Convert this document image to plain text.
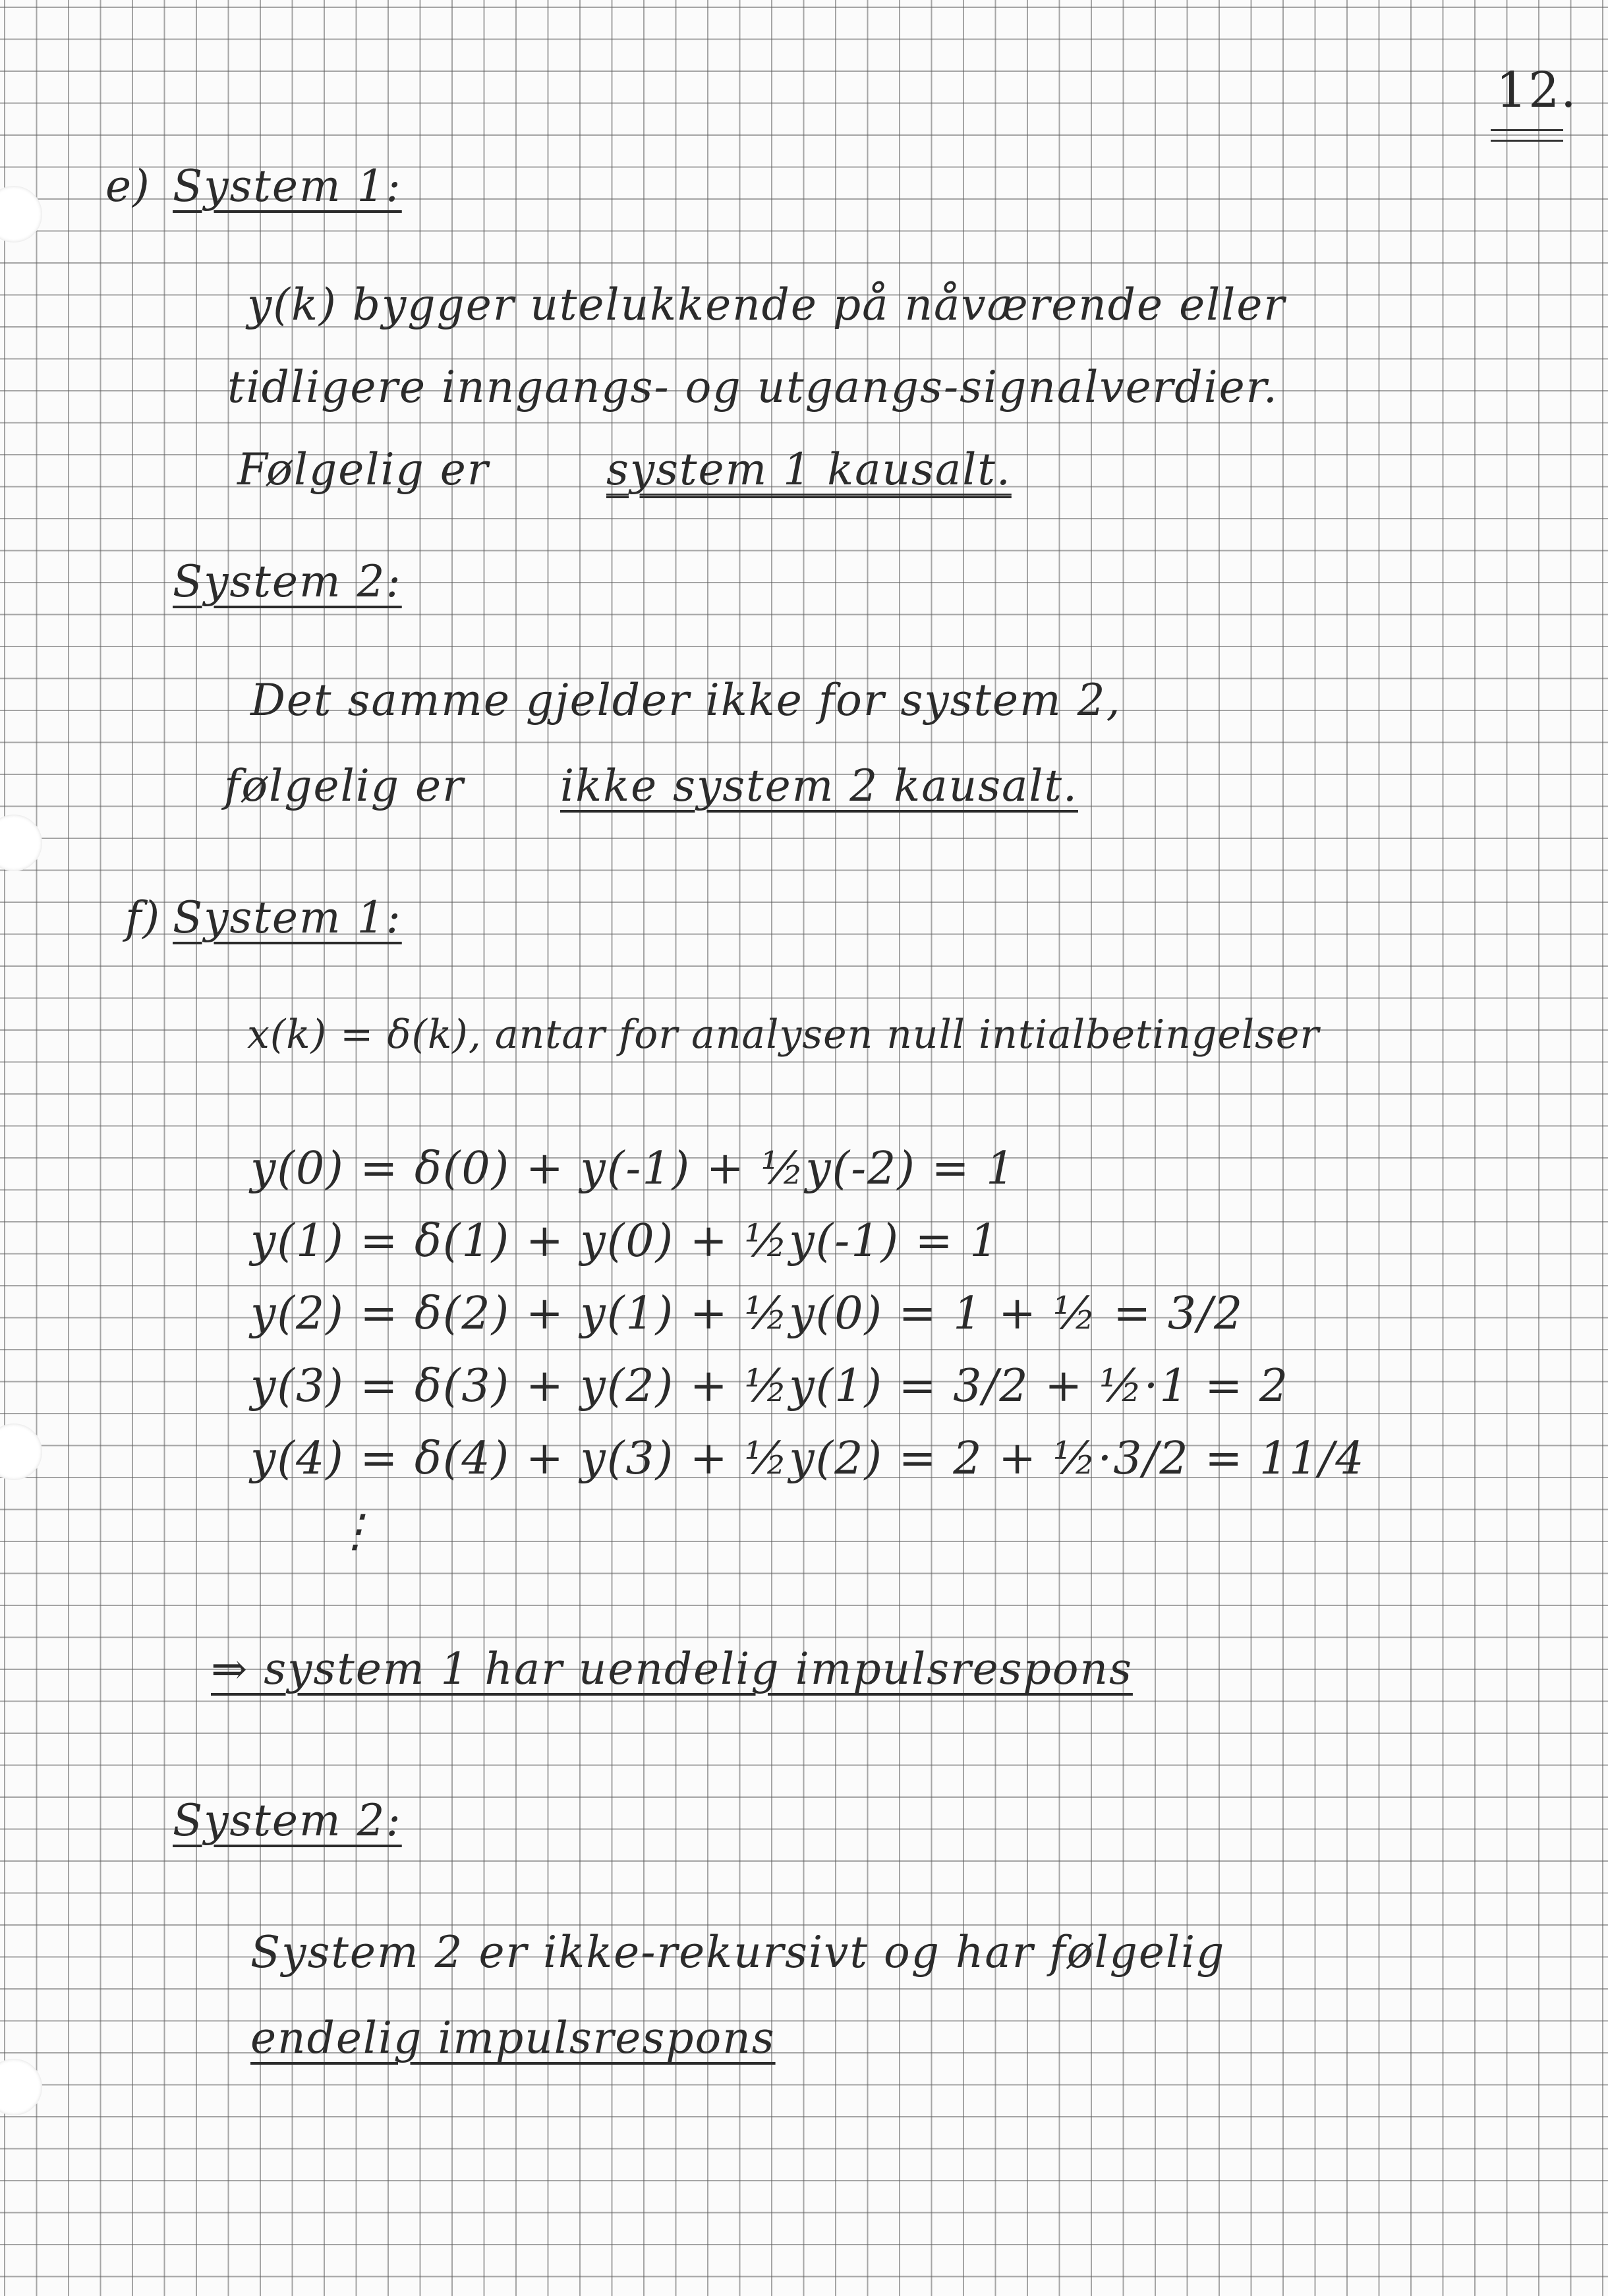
12.
e) System 1:
y(k) bygger utelukkende på nåværende eller
tidligere inngangs- og utgangs-signalverdier.
Følgelig er	system 1 kausalt.
System 2:
Det samme gjelder ikke for system 2,
følgelig er ikke system 2 kausalt.
f) System 1:
x(k) = δ(k), antar for analysen null intialbetingelser
y(0) = δ(0) + y(-1) + ½y(-2) = 1
y(1) = δ(1) + y(0) + ½y(-1) = 1
y(2) = δ(2) + y(1) + ½y(0) = 1 + ½ = 3/2
y(3) = δ(3) + y(2) + ½y(1) = 3/2 + ½·1 = 2
y(4) = δ(4) + y(3) + ½y(2) = 2 + ½·3/2 = 11/4
⋮
⇒ system 1 har uendelig impulsrespons
System 2:
System 2 er ikke-rekursivt og har følgelig
endelig impulsrespons
